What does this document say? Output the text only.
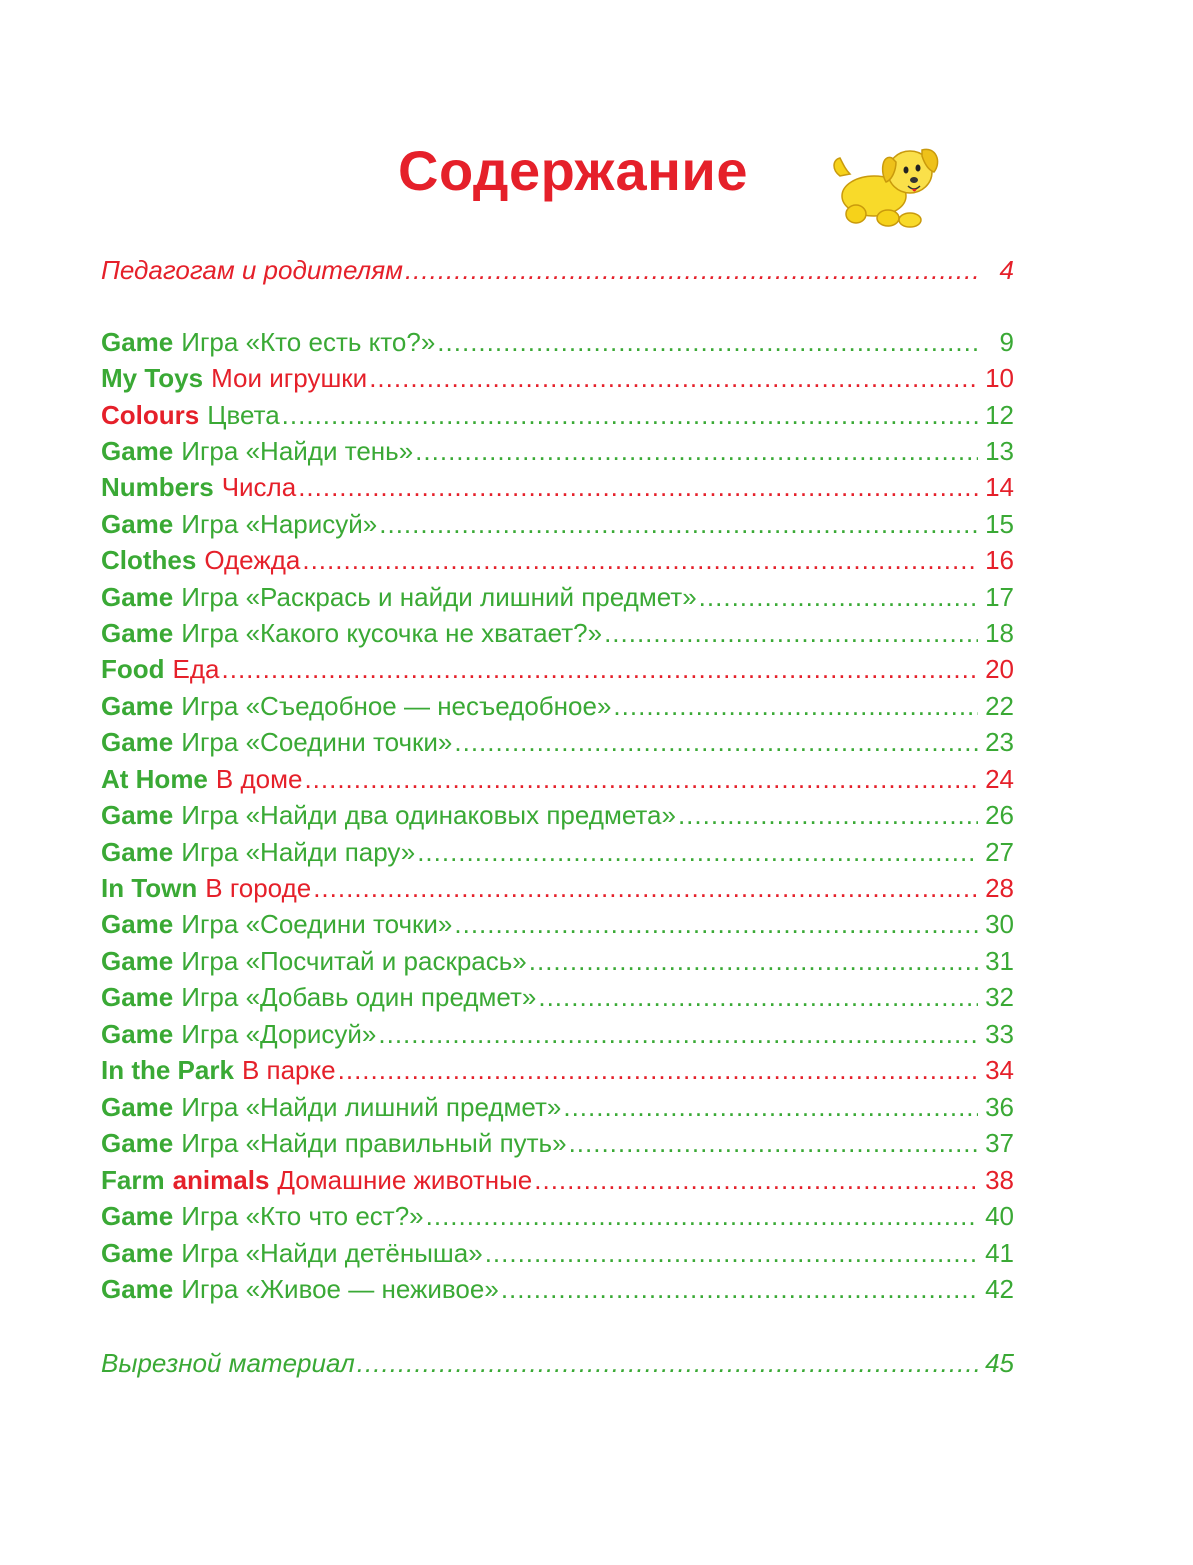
Содержание
Педагогам и родителям .....	4
Game Игра «Кто есть кто?» .....	9
My Toys Мои игрушки .....	10
Colours Цвета .....	12
Game Игра «Найди тень» .....	13
Numbers Числа .....	14
Game Игра «Нарисуй» .....	15
Clothes Одежда .....	16
Game Игра «Раскрась и найди лишний предмет» .....	17
Game Игра «Какого кусочка не хватает?» .....	18
Food Еда .....	20
Game Игра «Съедобное — несъедобное» .....	22
Game Игра «Соедини точки» .....	23
At Home В доме .....	24
Game Игра «Найди два одинаковых предмета» .....	26
Game Игра «Найди пару» .....	27
In Town В городе .....	28
Game Игра «Соедини точки» .....	30
Game Игра «Посчитай и раскрась» .....	31
Game Игра «Добавь один предмет» .....	32
Game Игра «Дорисуй» .....	33
In the Park В парке .....	34
Game Игра «Найди лишний предмет» .....	36
Game Игра «Найди правильный путь» .....	37
Farm animals Домашние животные .....	38
Game Игра «Кто что ест?» .....	40
Game Игра «Найди детёныша» .....	41
Game Игра «Живое — неживое» .....	42
Вырезной материал .....	45
